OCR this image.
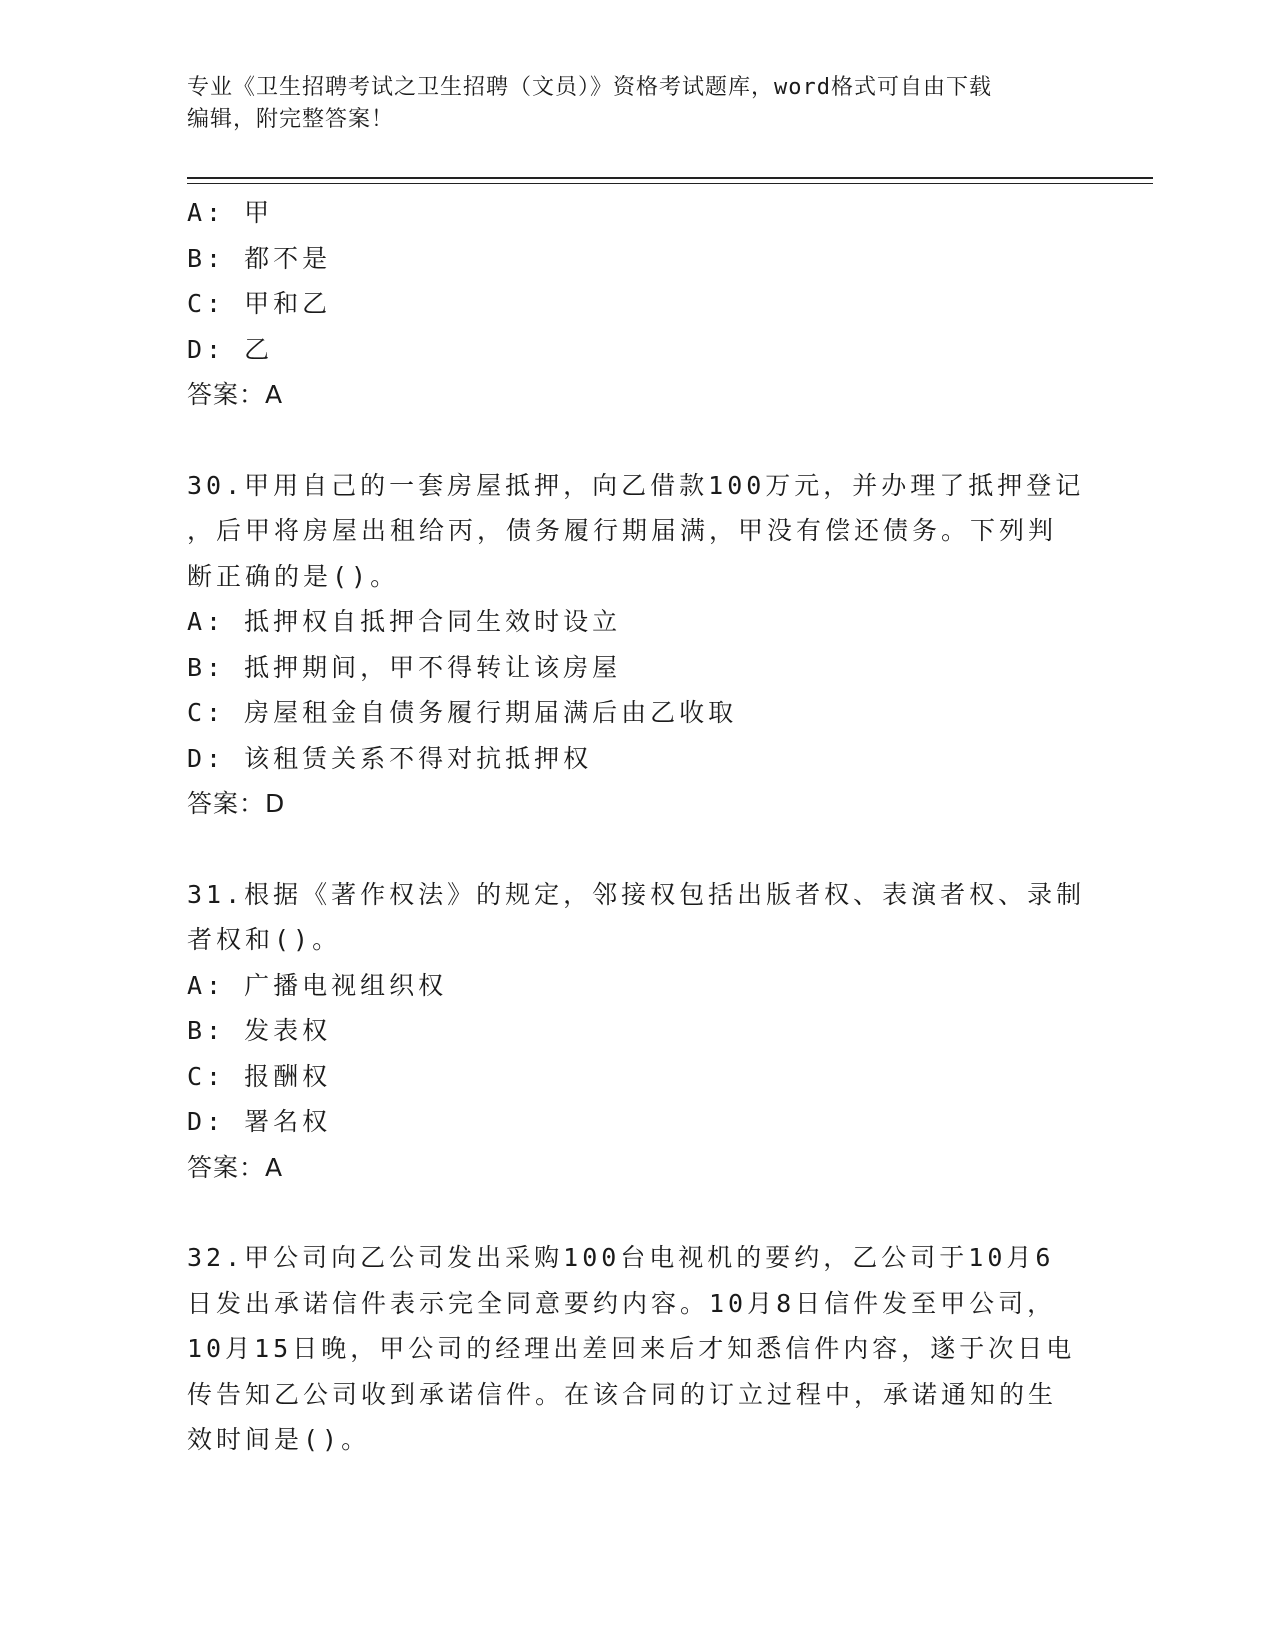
专业《卫生招聘考试之卫生招聘（文员）》资格考试题库，word格式可自由下载
编辑，附完整答案！
A: 甲
B: 都不是
C: 甲和乙
D: 乙
答案：A
30.甲用自己的一套房屋抵押，向乙借款100万元，并办理了抵押登记
，后甲将房屋出租给丙，债务履行期届满，甲没有偿还债务。下列判
断正确的是()。
A: 抵押权自抵押合同生效时设立
B: 抵押期间，甲不得转让该房屋
C: 房屋租金自债务履行期届满后由乙收取
D: 该租赁关系不得对抗抵押权
答案：D
31.根据《著作权法》的规定，邻接权包括出版者权、表演者权、录制
者权和()。
A: 广播电视组织权
B: 发表权
C: 报酬权
D: 署名权
答案：A
32.甲公司向乙公司发出采购100台电视机的要约，乙公司于10月6
日发出承诺信件表示完全同意要约内容。10月8日信件发至甲公司，
10月15日晚，甲公司的经理出差回来后才知悉信件内容，遂于次日电
传告知乙公司收到承诺信件。在该合同的订立过程中，承诺通知的生
效时间是()。
